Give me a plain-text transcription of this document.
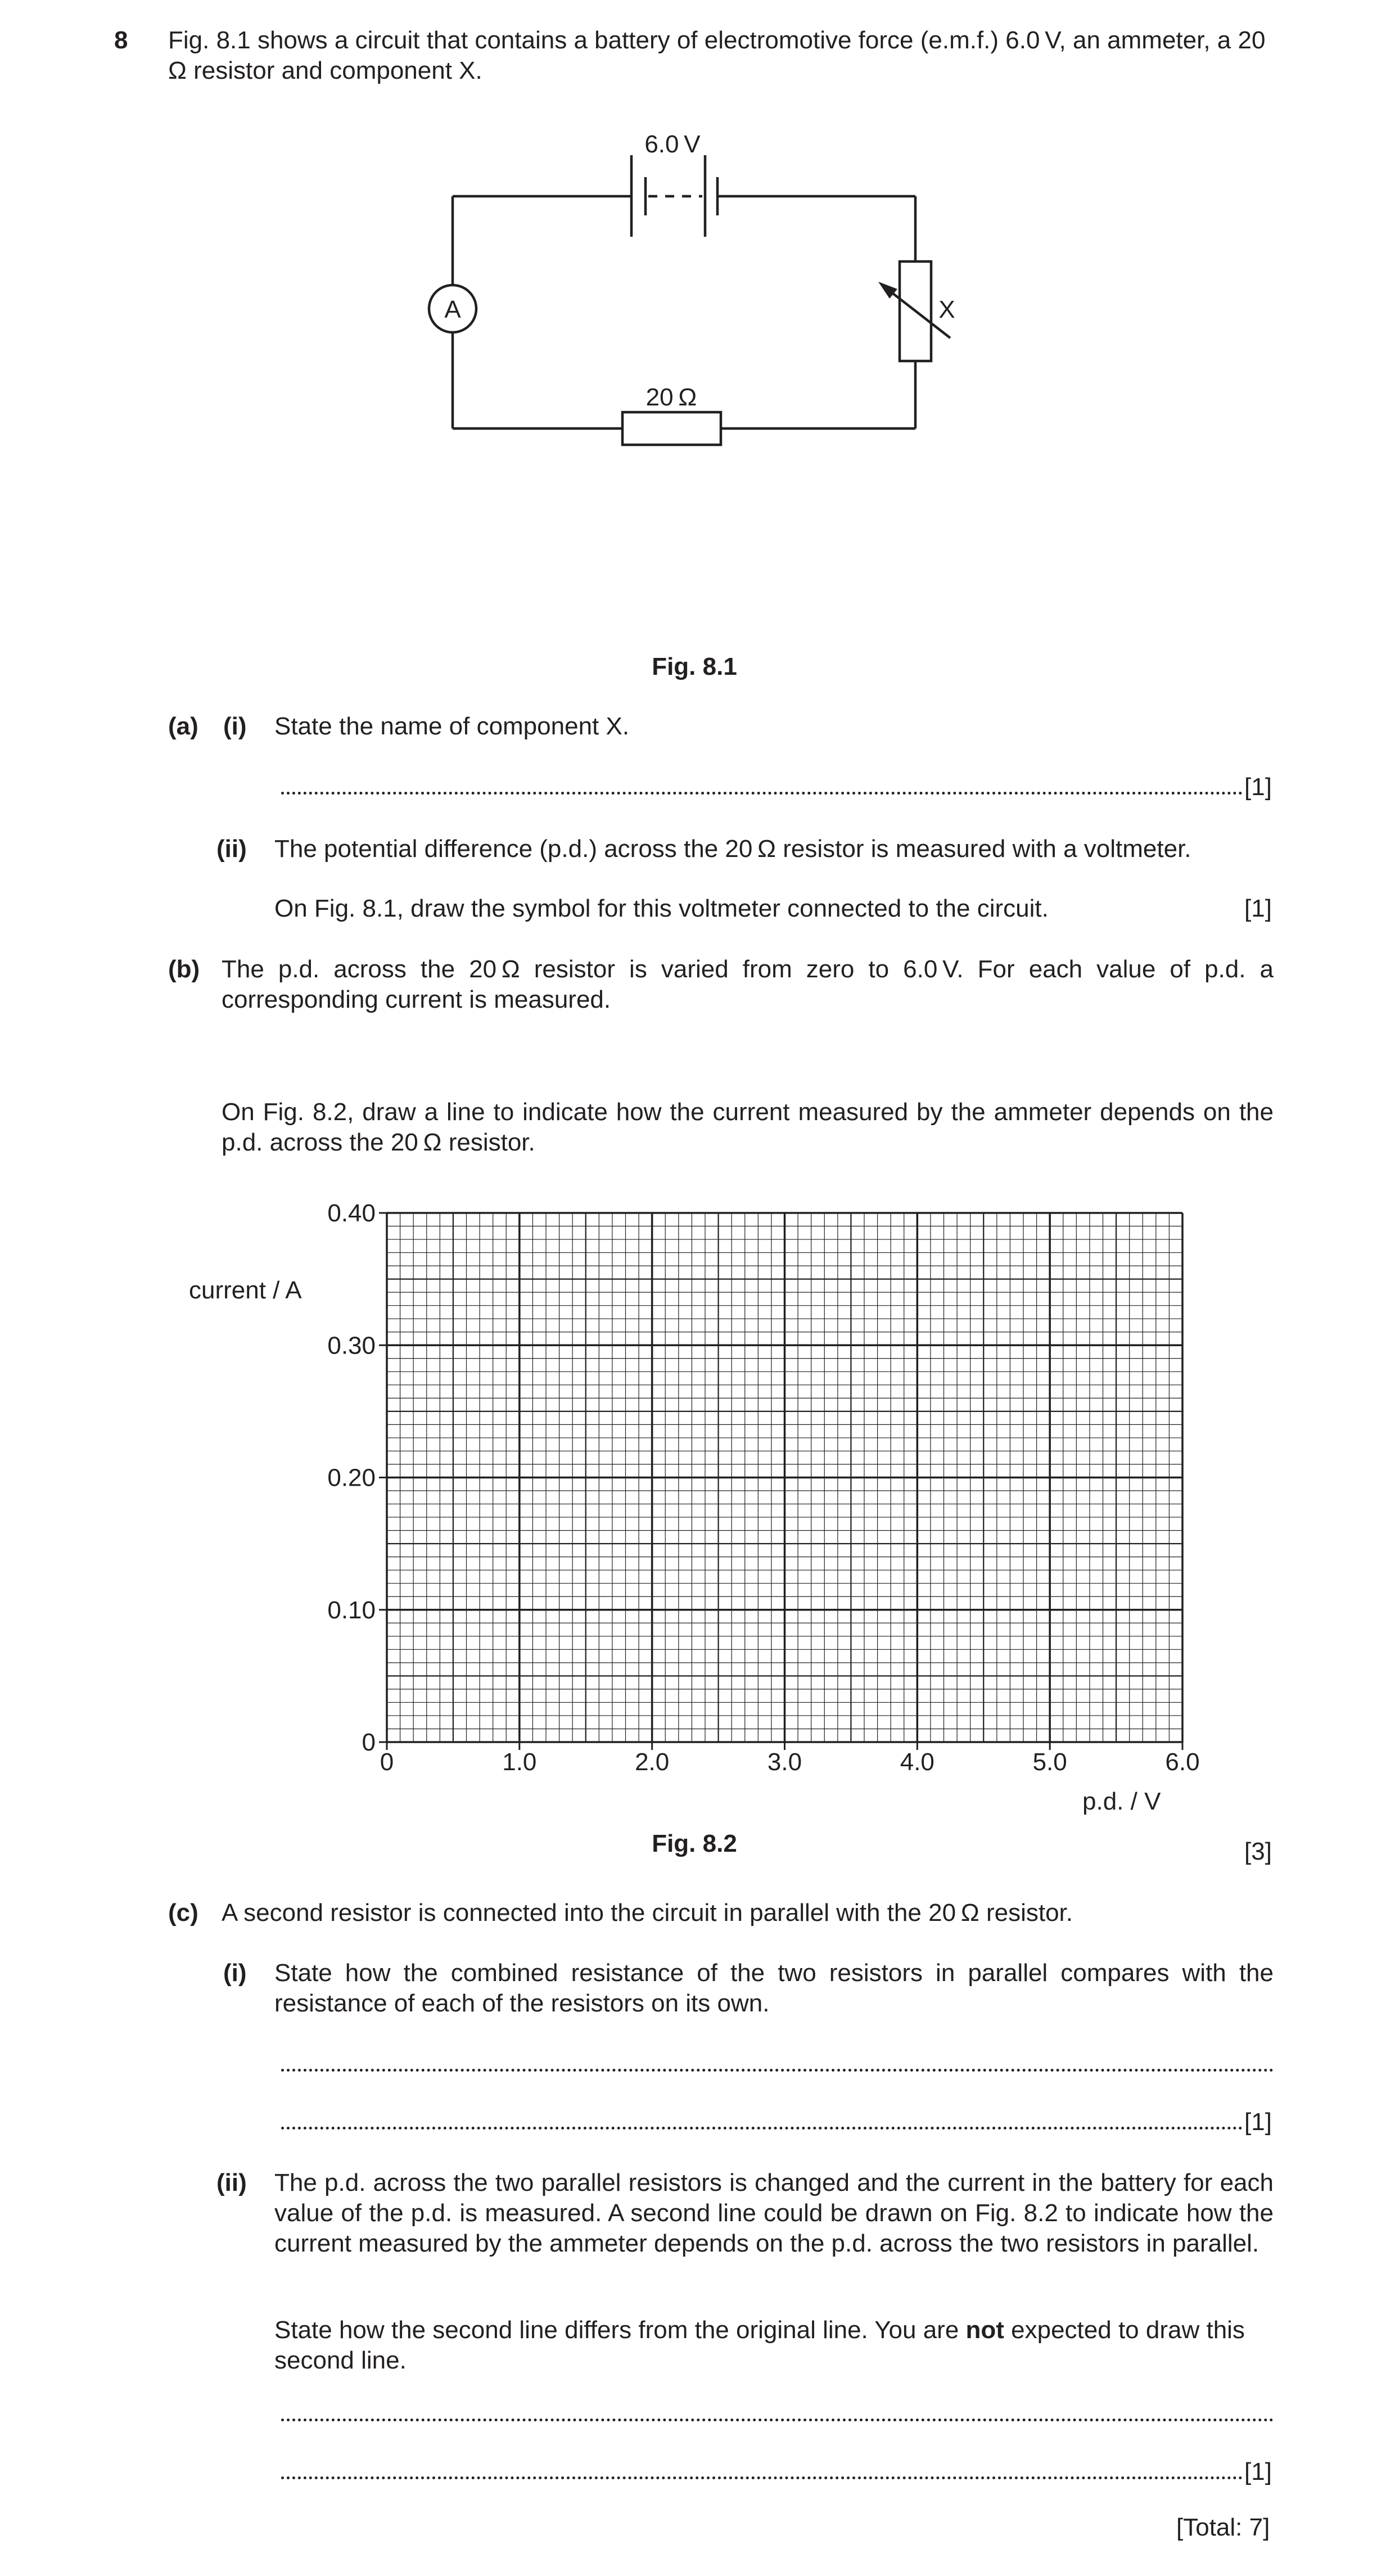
8 Fig. 8.1 shows a circuit that contains a battery of electromotive force (e.m.f.) 6.0 V, an ammeter, a 20 Ω resistor and component X.
6.0 V
A	X
20 Ω
Fig. 8.1
(a) (i) State the name of component X.
[1]
(ii) The potential difference (p.d.) across the 20 Ω resistor is measured with a voltmeter.
On Fig. 8.1, draw the symbol for this voltmeter connected to the circuit.	[1]
(b) The p.d. across the 20 Ω resistor is varied from zero to 6.0 V. For each value of p.d. a corresponding current is measured.
On Fig. 8.2, draw a line to indicate how the current measured by the ammeter depends on the p.d. across the 20 Ω resistor.
0	1.0	2.0	3.0	4.0	5.0	6.0
0
0.10
0.20
0.30
0.40
current / A
p.d. / V
Fig. 8.2	[3]
(c) A second resistor is connected into the circuit in parallel with the 20 Ω resistor.
(i) State how the combined resistance of the two resistors in parallel compares with the resistance of each of the resistors on its own.
[1]
(ii) The p.d. across the two parallel resistors is changed and the current in the battery for each value of the p.d. is measured. A second line could be drawn on Fig. 8.2 to indicate how the current measured by the ammeter depends on the p.d. across the two resistors in parallel.
State how the second line differs from the original line. You are not expected to draw this second line.
[1]
[Total: 7]
